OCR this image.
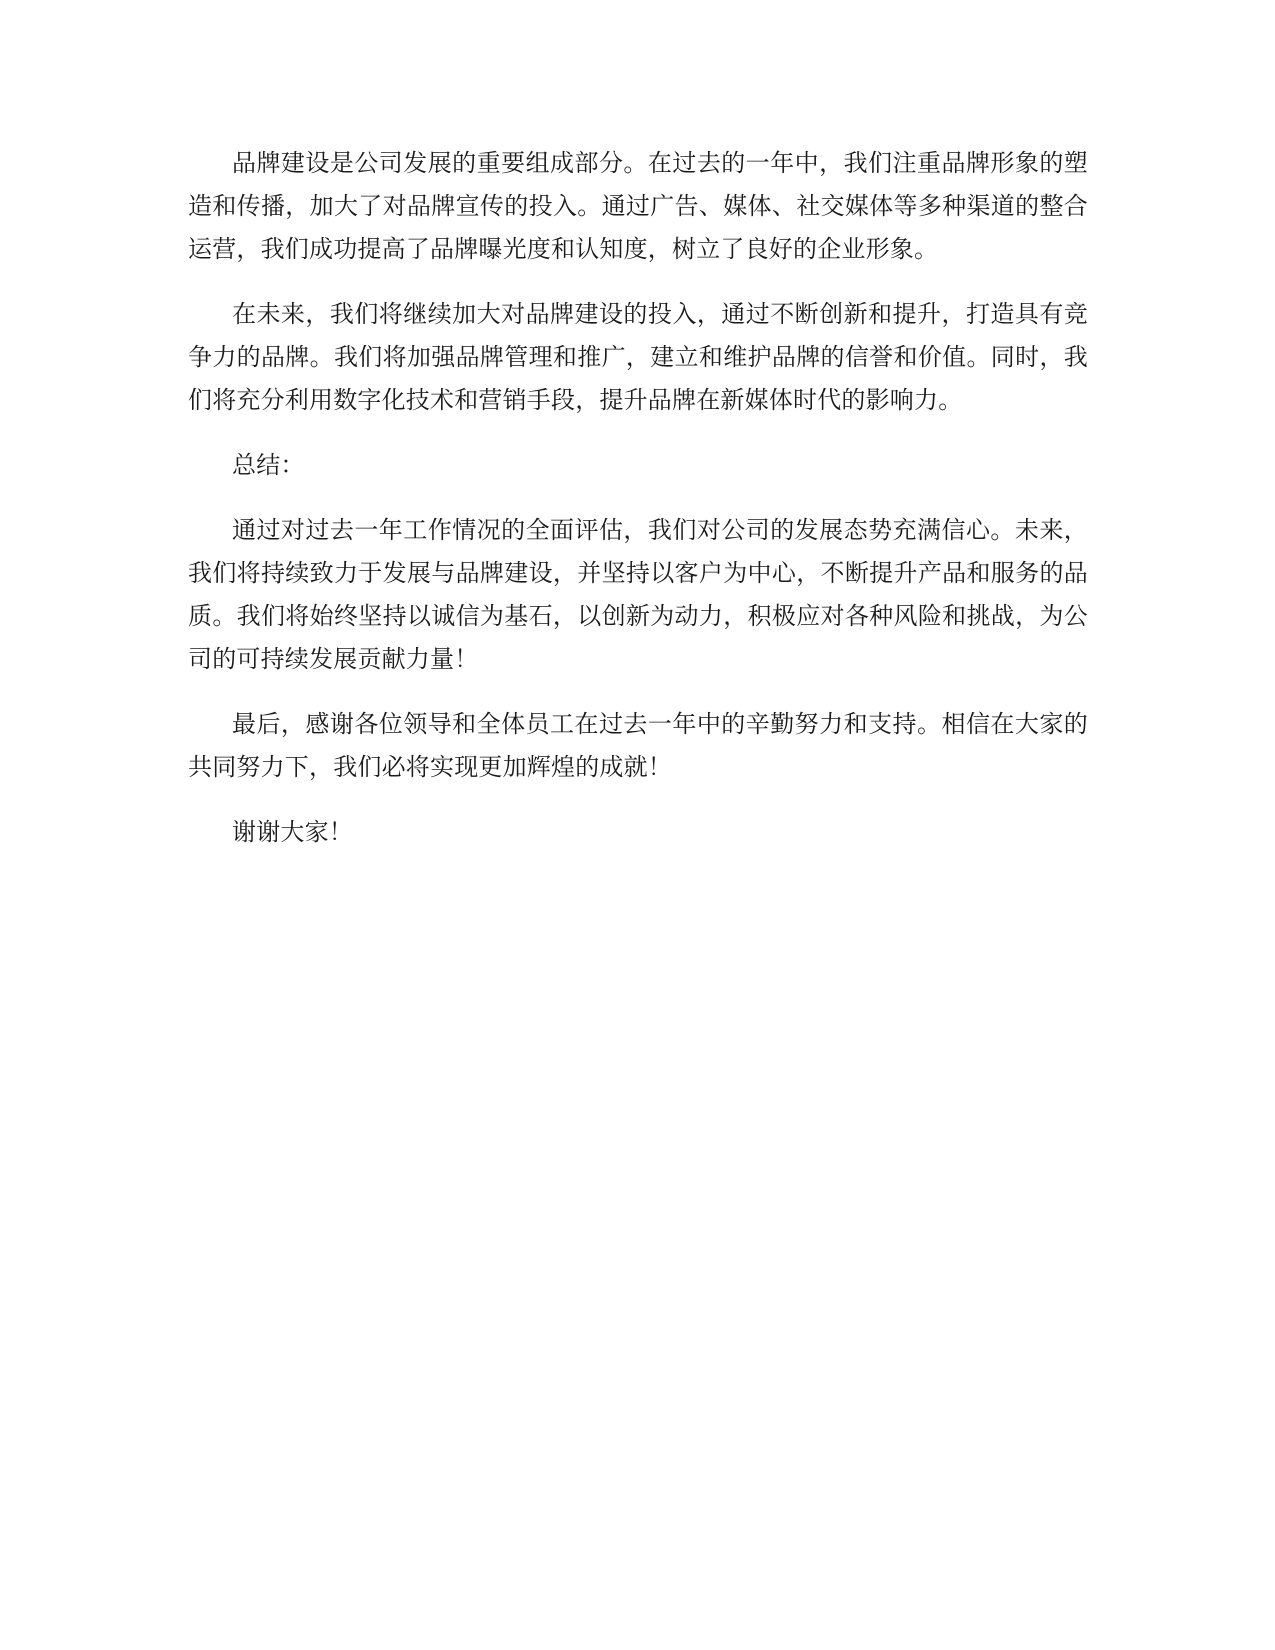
品牌建设是公司发展的重要组成部分。在过去的一年中，我们注重品牌形象的塑造和传播，加大了对品牌宣传的投入。通过广告、媒体、社交媒体等多种渠道的整合运营，我们成功提高了品牌曝光度和认知度，树立了良好的企业形象。

在未来，我们将继续加大对品牌建设的投入，通过不断创新和提升，打造具有竞争力的品牌。我们将加强品牌管理和推广，建立和维护品牌的信誉和价值。同时，我们将充分利用数字化技术和营销手段，提升品牌在新媒体时代的影响力。

总结：

通过对过去一年工作情况的全面评估，我们对公司的发展态势充满信心。未来，我们将持续致力于发展与品牌建设，并坚持以客户为中心，不断提升产品和服务的品质。我们将始终坚持以诚信为基石，以创新为动力，积极应对各种风险和挑战，为公司的可持续发展贡献力量！

最后，感谢各位领导和全体员工在过去一年中的辛勤努力和支持。相信在大家的共同努力下，我们必将实现更加辉煌的成就！

谢谢大家！
